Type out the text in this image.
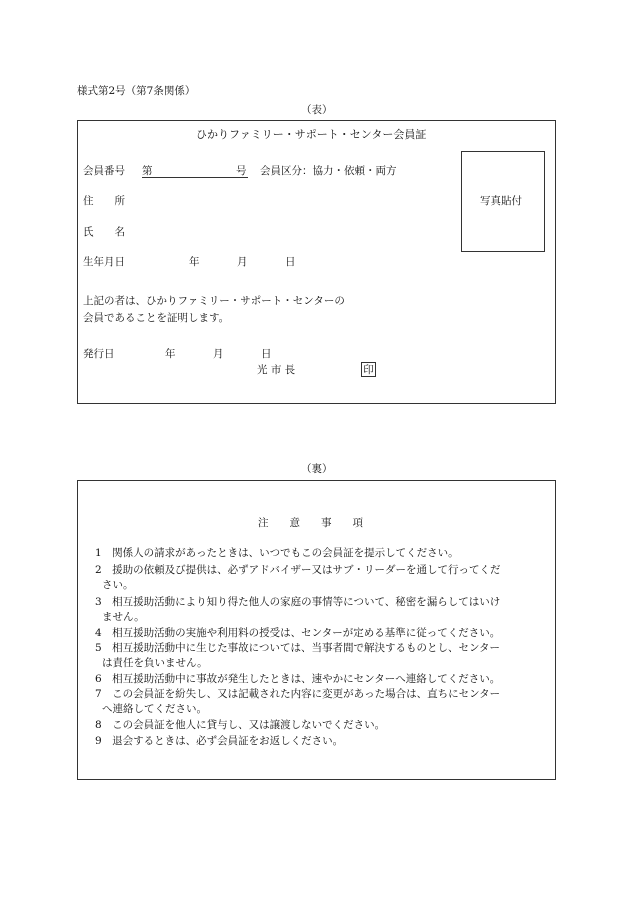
様式第2号（第7条関係）
（表）
ひかりファミリー・サポート・センター会員証
会員番号 第	号 会員区分：協力・依頼・両方
写真貼付
住　　所
氏　　名
生年月日	年	月	日
上記の者は、ひかりファミリー・サポート・センターの
会員であることを証明します。
発行日	年	月	日
光 市 長	印
（裏）
注　　意　　事　　項
1　関係人の請求があったときは、いつでもこの会員証を提示してください。
2　援助の依頼及び提供は、必ずアドバイザー又はサブ・リーダーを通して行ってくだ
さい。
3　相互援助活動により知り得た他人の家庭の事情等について、秘密を漏らしてはいけ
ません。
4　相互援助活動の実施や利用料の授受は、センターが定める基準に従ってください。
5　相互援助活動中に生じた事故については、当事者間で解決するものとし、センター
は責任を負いません。
6　相互援助活動中に事故が発生したときは、速やかにセンターへ連絡してください。
7　この会員証を紛失し、又は記載された内容に変更があった場合は、直ちにセンター
へ連絡してください。
8　この会員証を他人に貸与し、又は譲渡しないでください。
9　退会するときは、必ず会員証をお返しください。
